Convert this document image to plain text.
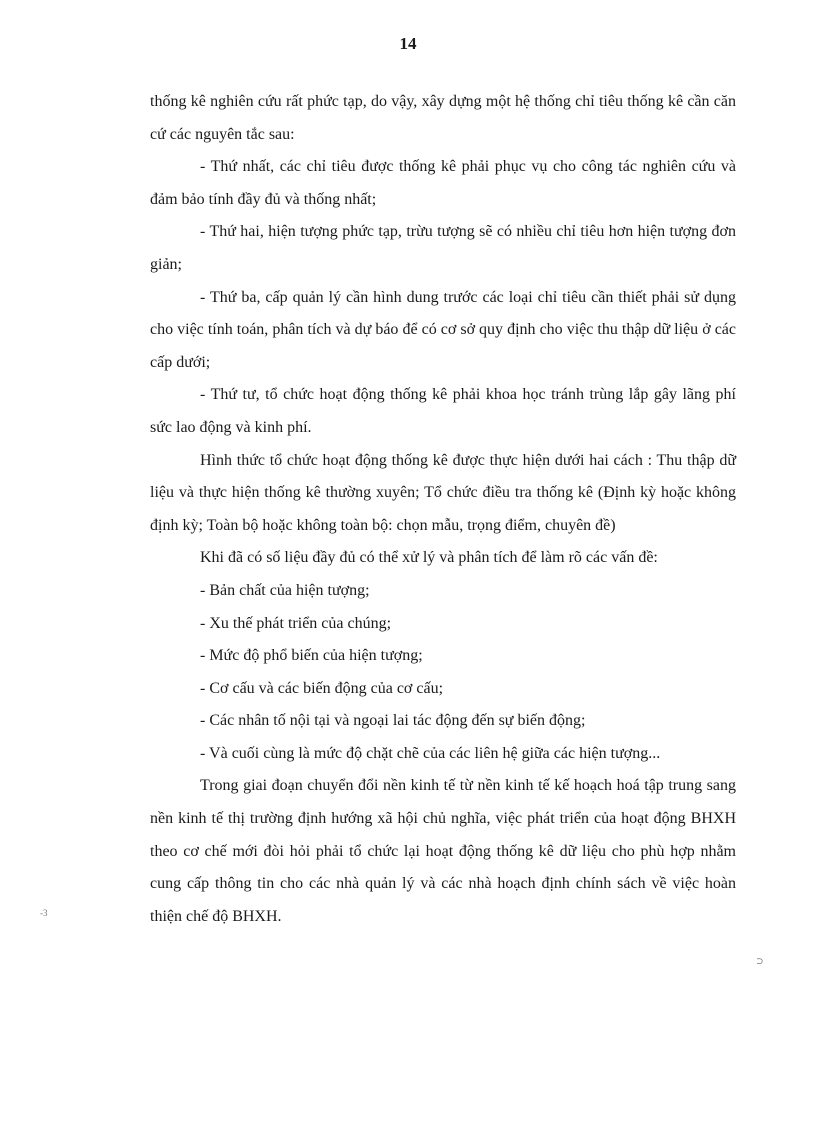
14

thống kê nghiên cứu rất phức tạp, do vậy, xây dựng một hệ thống chỉ tiêu thống kê cần căn cứ các nguyên tắc sau:

- Thứ nhất, các chỉ tiêu được thống kê phải phục vụ cho công tác nghiên cứu và đảm bảo tính đầy đủ và thống nhất;

- Thứ hai, hiện tượng phức tạp, trừu tượng sẽ có nhiều chỉ tiêu hơn hiện tượng đơn giản;

- Thứ ba, cấp quản lý cần hình dung trước các loại chỉ tiêu cần thiết phải sử dụng cho việc tính toán, phân tích và dự báo để có cơ sở quy định cho việc thu thập dữ liệu ở các cấp dưới;

- Thứ tư, tổ chức hoạt động thống kê phải khoa học tránh trùng lắp gây lãng phí sức lao động và kinh phí.

Hình thức tổ chức hoạt động thống kê được thực hiện dưới hai cách : Thu thập dữ liệu và thực hiện thống kê thường xuyên; Tổ chức điều tra thống kê (Định kỳ hoặc không định kỳ; Toàn bộ hoặc không toàn bộ: chọn mẫu, trọng điểm, chuyên đề)

Khi đã có số liệu đầy đủ có thể xử lý và phân tích để làm rõ các vấn đề:

- Bản chất của hiện tượng;

- Xu thế phát triển của chúng;

- Mức độ phổ biến của hiện tượng;

- Cơ cấu và các biến động của cơ cấu;

- Các nhân tố nội tại và ngoại lai tác động đến sự biến động;

- Và cuối cùng là mức độ chặt chẽ của các liên hệ giữa các hiện tượng...

Trong giai đoạn chuyển đổi nền kinh tế từ nền kinh tế kế hoạch hoá tập trung sang nền kinh tế thị trường định hướng xã hội chủ nghĩa, việc phát triển của hoạt động BHXH theo cơ chế mới đòi hỏi phải tổ chức lại hoạt động thống kê dữ liệu cho phù hợp nhằm cung cấp thông tin cho các nhà quản lý và các nhà hoạch định chính sách về việc hoàn thiện chế độ BHXH.

-3
⊃
